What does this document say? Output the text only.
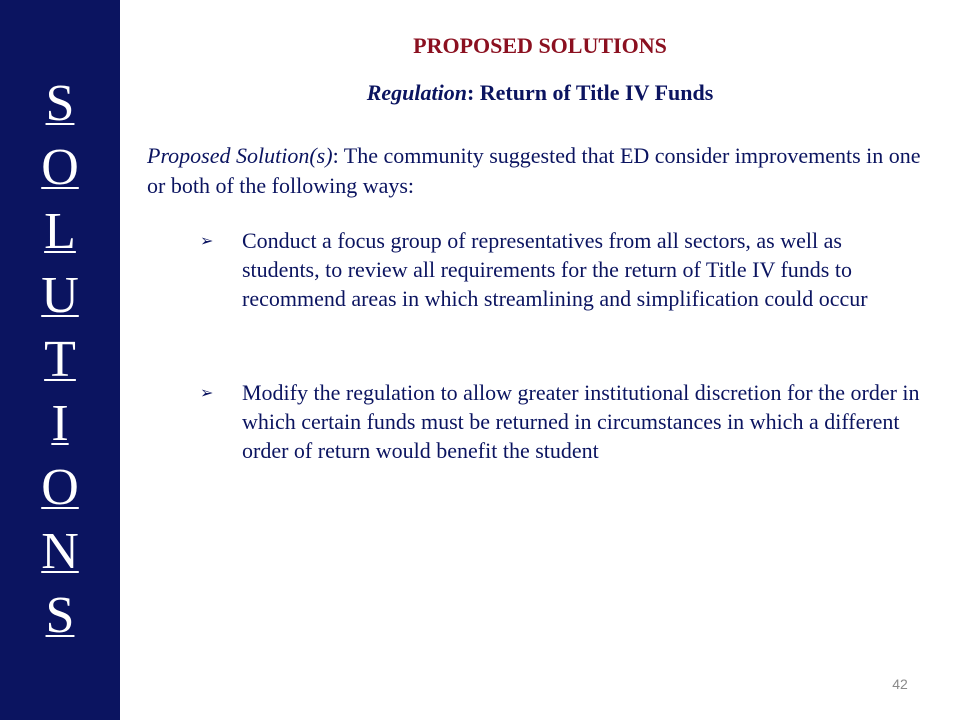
S
O
L
U
T
I
O
N
S
PROPOSED SOLUTIONS
Regulation: Return of Title IV Funds
Proposed Solution(s): The community suggested that ED consider improvements in one or both of the following ways:
➢	Conduct a focus group of representatives from all sectors, as well as students, to review all requirements for the return of Title IV funds to recommend areas in which streamlining and simplification could occur
➢	Modify the regulation to allow greater institutional discretion for the order in which certain funds must be returned in circumstances in which a different order of return would benefit the student
42
